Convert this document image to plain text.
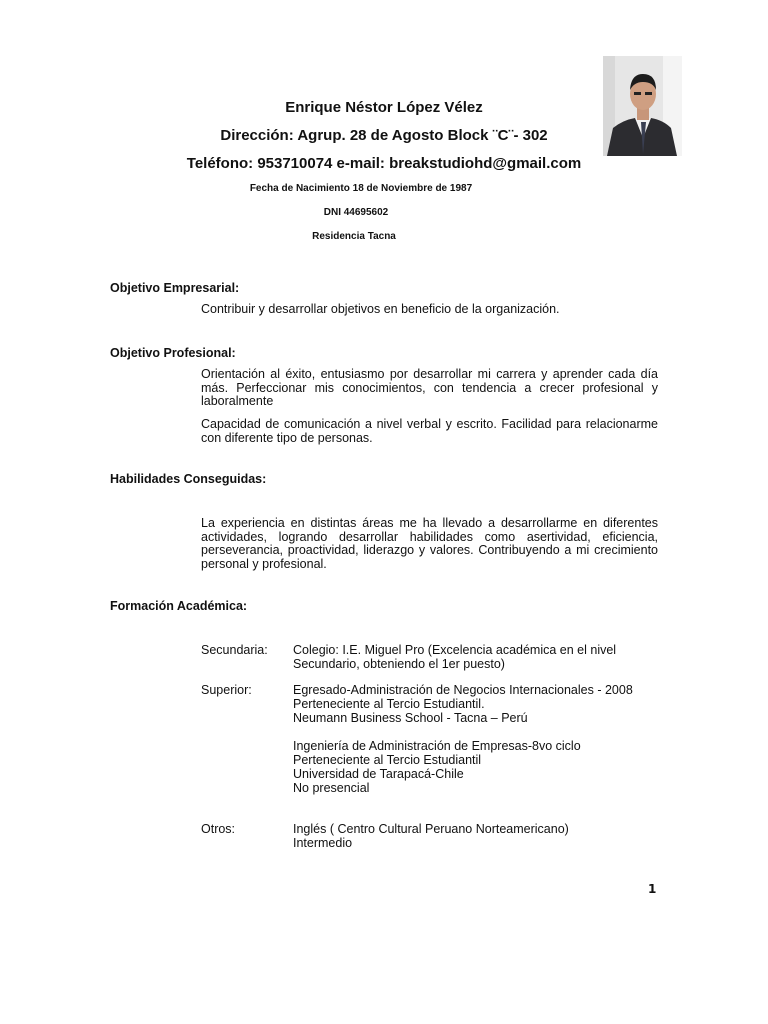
Enrique Néstor López Vélez
Dirección: Agrup. 28 de Agosto Block ¨C¨- 302
Teléfono: 953710074 e-mail: breakstudiohd@gmail.com
Fecha de Nacimiento 18 de Noviembre de 1987
DNI 44695602
Residencia Tacna
Objetivo Empresarial:
Contribuir y desarrollar objetivos en beneficio de la organización.
Objetivo Profesional:
Orientación al éxito, entusiasmo por desarrollar mi carrera y aprender cada día más. Perfeccionar mis conocimientos, con tendencia a crecer profesional y laboralmente
Capacidad de comunicación a nivel verbal y escrito. Facilidad para relacionarme con diferente tipo de personas.
Habilidades Conseguidas:
La experiencia en distintas áreas me ha llevado a desarrollarme en diferentes actividades, logrando desarrollar habilidades como asertividad, eficiencia, perseverancia, proactividad, liderazgo y valores. Contribuyendo a mi crecimiento personal y profesional.
Formación Académica:
Secundaria: Colegio: I.E. Miguel Pro (Excelencia académica en el nivel
Secundario, obteniendo el 1er puesto)
Superior:	Egresado-Administración de Negocios Internacionales - 2008
Perteneciente al Tercio Estudiantil.
Neumann Business School - Tacna – Perú
Ingeniería de Administración de Empresas-8vo ciclo
Perteneciente al Tercio Estudiantil
Universidad de Tarapacá-Chile
No presencial
Otros:	Inglés ( Centro Cultural Peruano Norteamericano)
Intermedio
1
